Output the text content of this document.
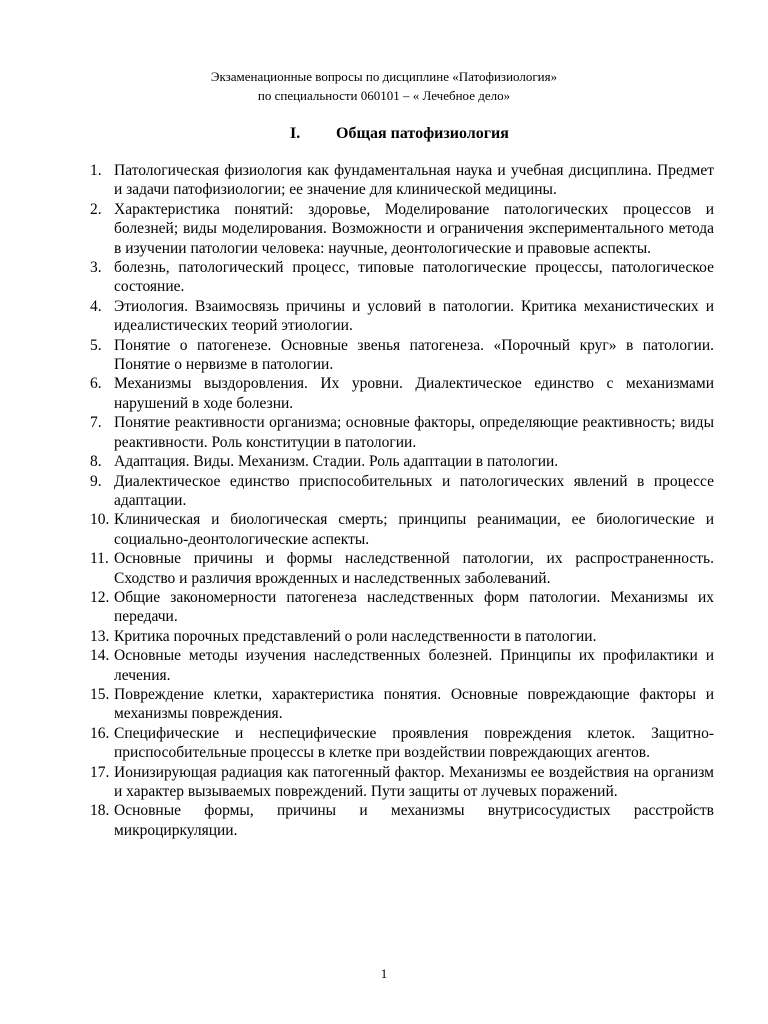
Экзаменационные вопросы по дисциплине «Патофизиология»
по специальности 060101 – « Лечебное дело»
I. Общая патофизиология
1. Патологическая физиология как фундаментальная наука и учебная дисциплина. Предмет и задачи патофизиологии; ее значение для клинической медицины.
2. Характеристика понятий: здоровье, Моделирование патологических процессов и болезней; виды моделирования. Возможности и ограничения экспериментального метода в изучении патологии человека: научные, деонтологические и правовые аспекты.
3. болезнь, патологический процесс, типовые патологические процессы, патологическое состояние.
4. Этиология. Взаимосвязь причины и условий в патологии. Критика механистических и идеалистических теорий этиологии.
5. Понятие о патогенезе. Основные звенья патогенеза. «Порочный круг» в патологии. Понятие о нервизме в патологии.
6. Механизмы выздоровления. Их уровни. Диалектическое единство с механизмами нарушений в ходе болезни.
7. Понятие реактивности организма; основные факторы, определяющие реактивность; виды реактивности. Роль конституции в патологии.
8. Адаптация. Виды. Механизм. Стадии. Роль адаптации в патологии.
9. Диалектическое единство приспособительных и патологических явлений в процессе адаптации.
10. Клиническая и биологическая смерть; принципы реанимации, ее биологические и социально-деонтологические аспекты.
11. Основные причины и формы наследственной патологии, их распространенность. Сходство и различия врожденных и наследственных заболеваний.
12. Общие закономерности патогенеза наследственных форм патологии. Механизмы их передачи.
13. Критика порочных представлений о роли наследственности в патологии.
14. Основные методы изучения наследственных болезней. Принципы их профилактики и лечения.
15. Повреждение клетки, характеристика понятия. Основные повреждающие факторы и механизмы повреждения.
16. Специфические и неспецифические проявления повреждения клеток. Защитно-приспособительные процессы в клетке при воздействии повреждающих агентов.
17. Ионизирующая радиация как патогенный фактор. Механизмы ее воздействия на организм и характер вызываемых повреждений. Пути защиты от лучевых поражений.
18. Основные формы, причины и механизмы внутрисосудистых расстройств микроциркуляции.
1
